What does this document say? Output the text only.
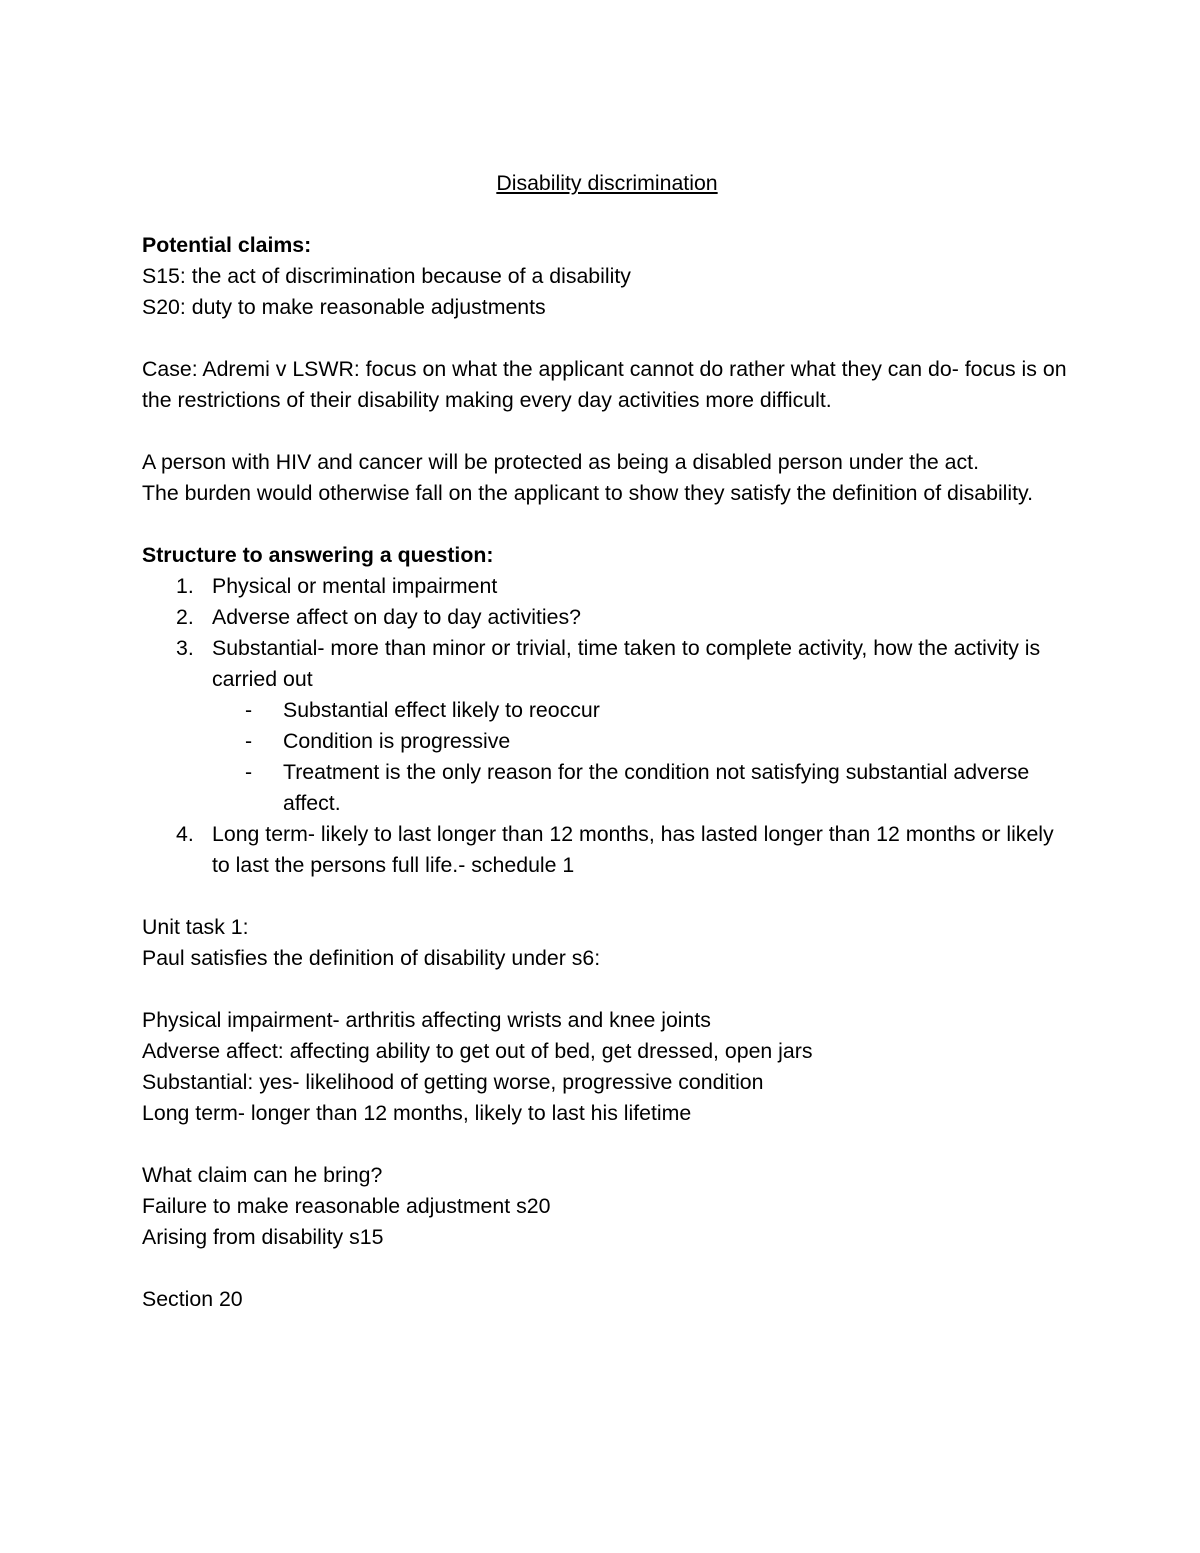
Disability discrimination

Potential claims:

S15: the act of discrimination because of a disability

S20: duty to make reasonable adjustments

Case: Adremi v LSWR: focus on what the applicant cannot do rather what they can do- focus is on the restrictions of their disability making every day activities more difficult.

A person with HIV and cancer will be protected as being a disabled person under the act.

The burden would otherwise fall on the applicant to show they satisfy the definition of disability.

Structure to answering a question:

1. Physical or mental impairment
2. Adverse affect on day to day activities?
3. Substantial- more than minor or trivial, time taken to complete activity, how the activity is carried out
- Substantial effect likely to reoccur
- Condition is progressive
- Treatment is the only reason for the condition not satisfying substantial adverse affect.
4. Long term- likely to last longer than 12 months, has lasted longer than 12 months or likely to last the persons full life.- schedule 1

Unit task 1:

Paul satisfies the definition of disability under s6:

Physical impairment- arthritis affecting wrists and knee joints

Adverse affect: affecting ability to get out of bed, get dressed, open jars

Substantial: yes- likelihood of getting worse, progressive condition

Long term- longer than 12 months, likely to last his lifetime

What claim can he bring?

Failure to make reasonable adjustment s20

Arising from disability s15

Section 20
